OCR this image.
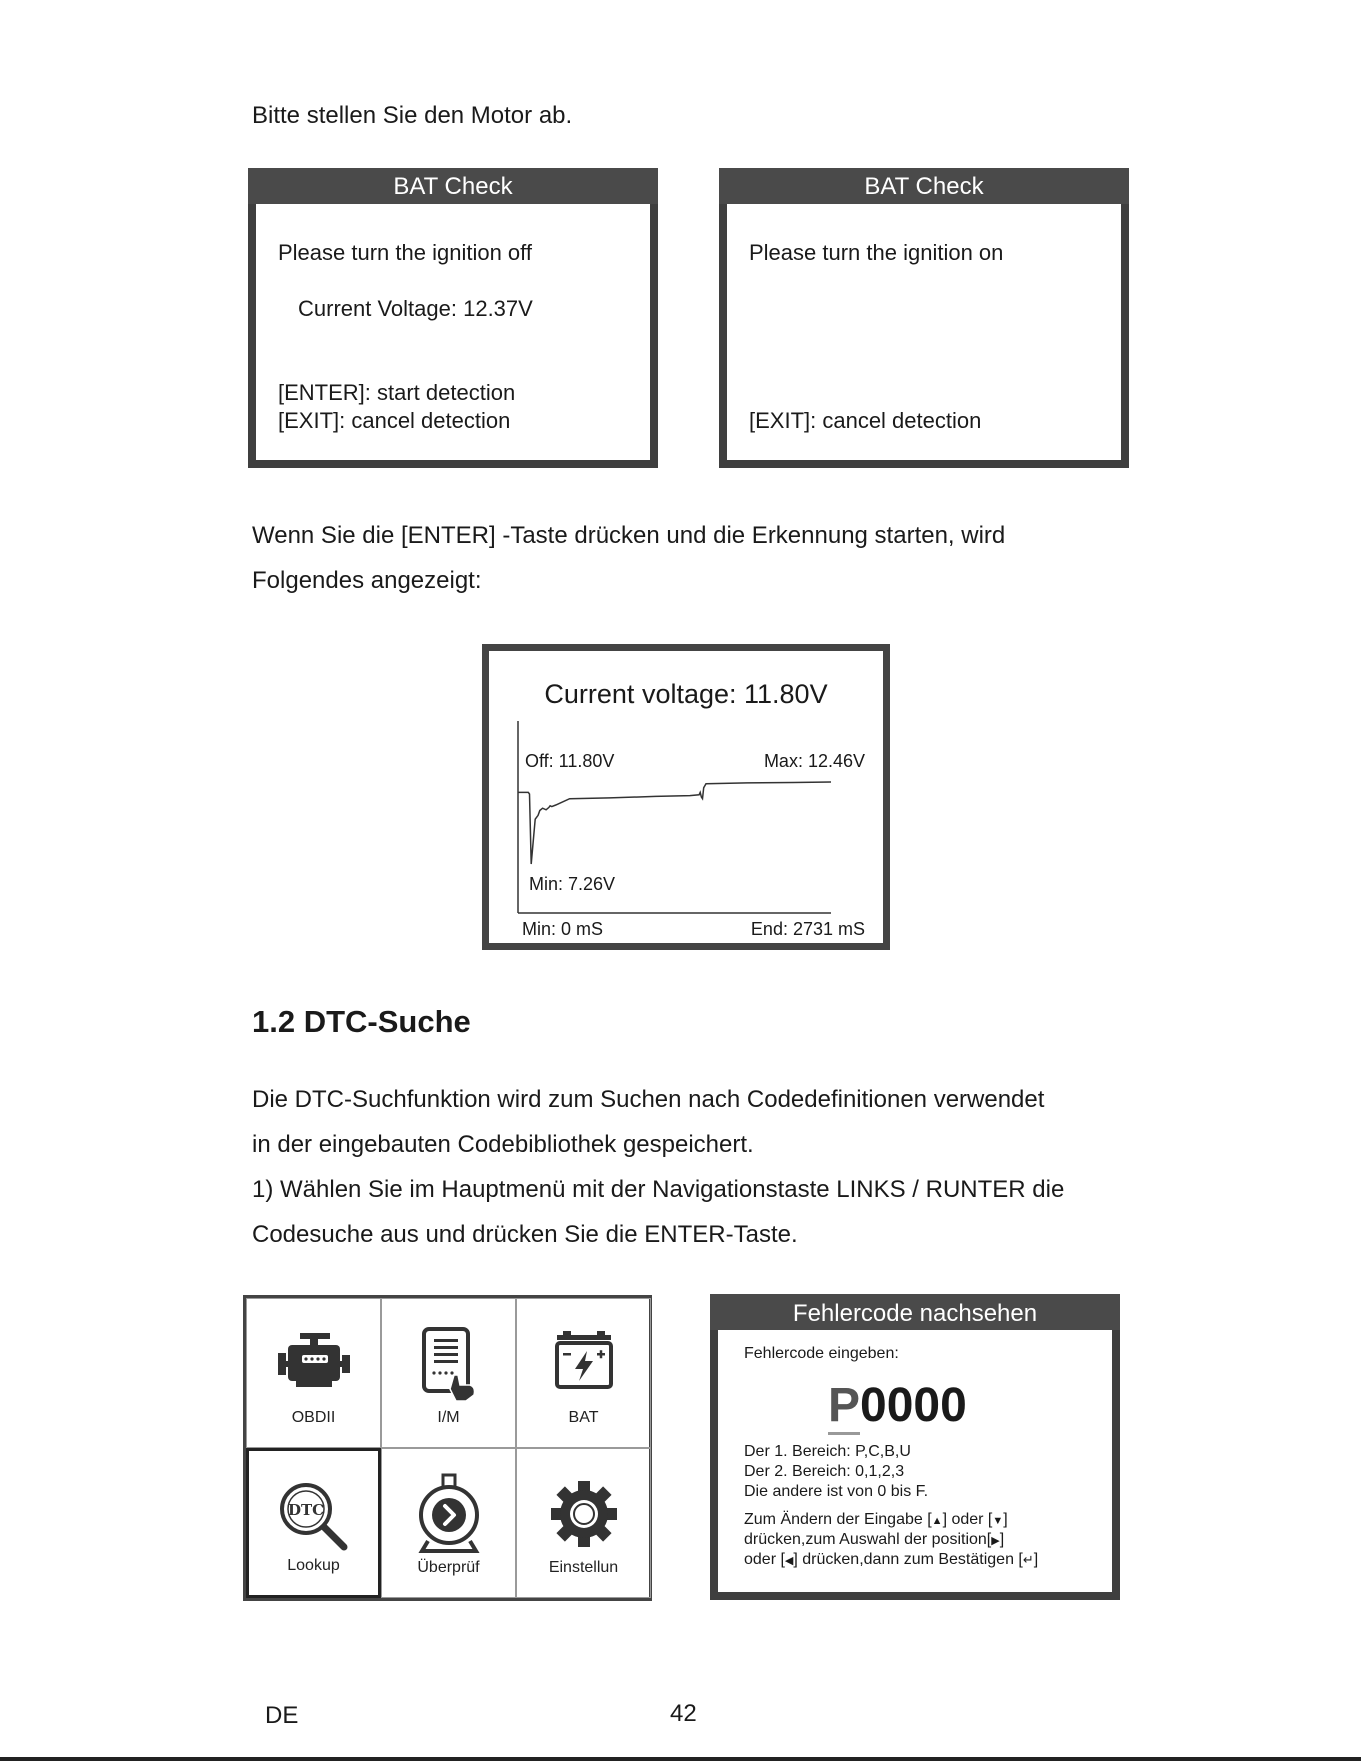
Bitte stellen Sie den Motor ab.
BAT Check
Please turn the ignition off
Current Voltage: 12.37V
[ENTER]: start detection
[EXIT]: cancel detection
BAT Check
Please turn the ignition on
[EXIT]: cancel detection
Wenn Sie die [ENTER] -Taste drücken und die Erkennung starten, wird
Folgendes angezeigt:
Current voltage: 11.80V
Off: 11.80V	Max: 12.46V
Min: 7.26V
Min: 0 mS	End: 2731 mS
1.2 DTC-Suche
Die DTC-Suchfunktion wird zum Suchen nach Codedefinitionen verwendet
in der eingebauten Codebibliothek gespeichert.
1) Wählen Sie im Hauptmenü mit der Navigationstaste LINKS / RUNTER die
Codesuche aus und drücken Sie die ENTER-Taste.
OBDII	I/M	BAT
DTC
Lookup	Überprüf	Einstellun
Fehlercode nachsehen
Fehlercode eingeben:
P0000
Der 1. Bereich: P,C,B,U
Der 2. Bereich: 0,1,2,3
Die andere ist von 0 bis F.
Zum Ändern der Eingabe [▲] oder [▼]
drücken,zum Auswahl der position[▶]
oder [◀] drücken,dann zum Bestätigen [↵]
DE	42
